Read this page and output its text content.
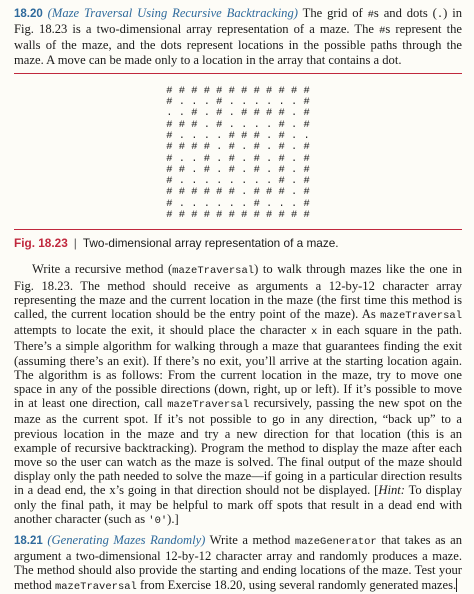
18.20 (Maze Traversal Using Recursive Backtracking) The grid of #s and dots (.) in Fig. 18.23 is a two-dimensional array representation of a maze. The #s represent the walls of the maze, and the dots represent locations in the possible paths through the maze. A move can be made only to a location in the array that contains a dot.

# # # # # # # # # # # #
# . . . # . . . . . . #
. . # . # . # # # # . #
# # # . # . . . . # . #
# . . . . # # # . # . .
# # # # . # . # . # . #
# . . # . # . # . # . #
# # . # . # . # . # . #
# . . . . . . . . # . #
# # # # # # . # # # . #
# . . . . . . # . . . #
# # # # # # # # # # # #
Fig. 18.23 | Two-dimensional array representation of a maze.

Write a recursive method (mazeTraversal) to walk through mazes like the one in Fig. 18.23. The method should receive as arguments a 12-by-12 character array representing the maze and the current location in the maze (the first time this method is called, the current location should be the entry point of the maze). As mazeTraversal attempts to locate the exit, it should place the character x in each square in the path. There’s a simple algorithm for walking through a maze that guarantees finding the exit (assuming there’s an exit). If there’s no exit, you’ll arrive at the starting location again. The algorithm is as follows: From the current location in the maze, try to move one space in any of the possible directions (down, right, up or left). If it’s possible to move in at least one direction, call mazeTraversal recursively, passing the new spot on the maze as the current spot. If it’s not possible to go in any direction, “back up” to a previous location in the maze and try a new direction for that location (this is an example of recursive backtracking). Program the method to display the maze after each move so the user can watch as the maze is solved. The final output of the maze should display only the path needed to solve the maze—if going in a particular direction results in a dead end, the x’s going in that direction should not be displayed. [Hint: To display only the final path, it may be helpful to mark off spots that result in a dead end with another character (such as '0').]

18.21 (Generating Mazes Randomly) Write a method mazeGenerator that takes as an argument a two-dimensional 12-by-12 character array and randomly produces a maze. The method should also provide the starting and ending locations of the maze. Test your method mazeTraversal from Exercise 18.20, using several randomly generated mazes.
